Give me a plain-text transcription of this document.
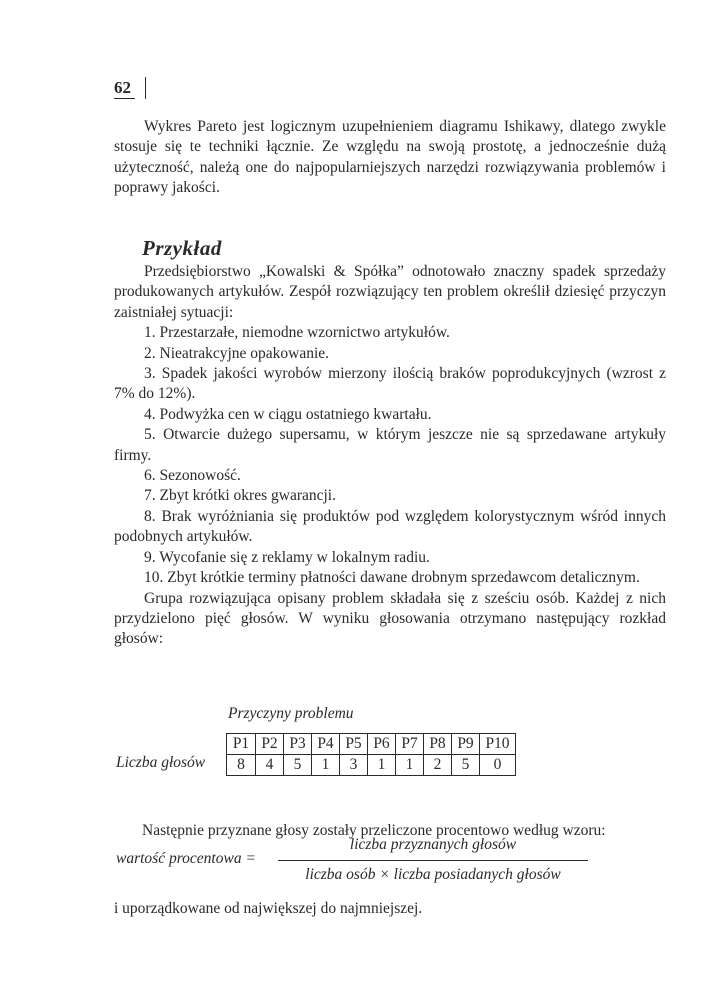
62

Wykres Pareto jest logicznym uzupełnieniem diagramu Ishikawy, dlatego zwykle stosuje się te techniki łącznie. Ze względu na swoją prostotę, a jednocześnie dużą użyteczność, należą one do najpopularniejszych narzędzi rozwiązywania problemów i poprawy jakości.

Przykład

Przedsiębiorstwo „Kowalski & Spółka” odnotowało znaczny spadek sprzedaży produkowanych artykułów. Zespół rozwiązujący ten problem określił dziesięć przyczyn zaistniałej sytuacji:

1. Przestarzałe, niemodne wzornictwo artykułów.

2. Nieatrakcyjne opakowanie.

3. Spadek jakości wyrobów mierzony ilością braków poprodukcyjnych (wzrost z 7% do 12%).

4. Podwyżka cen w ciągu ostatniego kwartału.

5. Otwarcie dużego supersamu, w którym jeszcze nie są sprzedawane artykuły firmy.

6. Sezonowość.

7. Zbyt krótki okres gwarancji.

8. Brak wyróżniania się produktów pod względem kolorystycznym wśród innych podobnych artykułów.

9. Wycofanie się z reklamy w lokalnym radiu.

10. Zbyt krótkie terminy płatności dawane drobnym sprzedawcom detalicznym.

Grupa rozwiązująca opisany problem składała się z sześciu osób. Każdej z nich przydzielono pięć głosów. W wyniku głosowania otrzymano następujący rozkład głosów:

Przyczyny problemu
Liczba głosów
P1	P2	P3	P4	P5	P6	P7	P8	P9	P10
8	4	5	1	3	1	1	2	5	0
Następnie przyznane głosy zostały przeliczone procentowo według wzoru:
wartość procentowa =
liczba przyznanych głosów
liczba osób × liczba posiadanych głosów
i uporządkowane od największej do najmniejszej.
